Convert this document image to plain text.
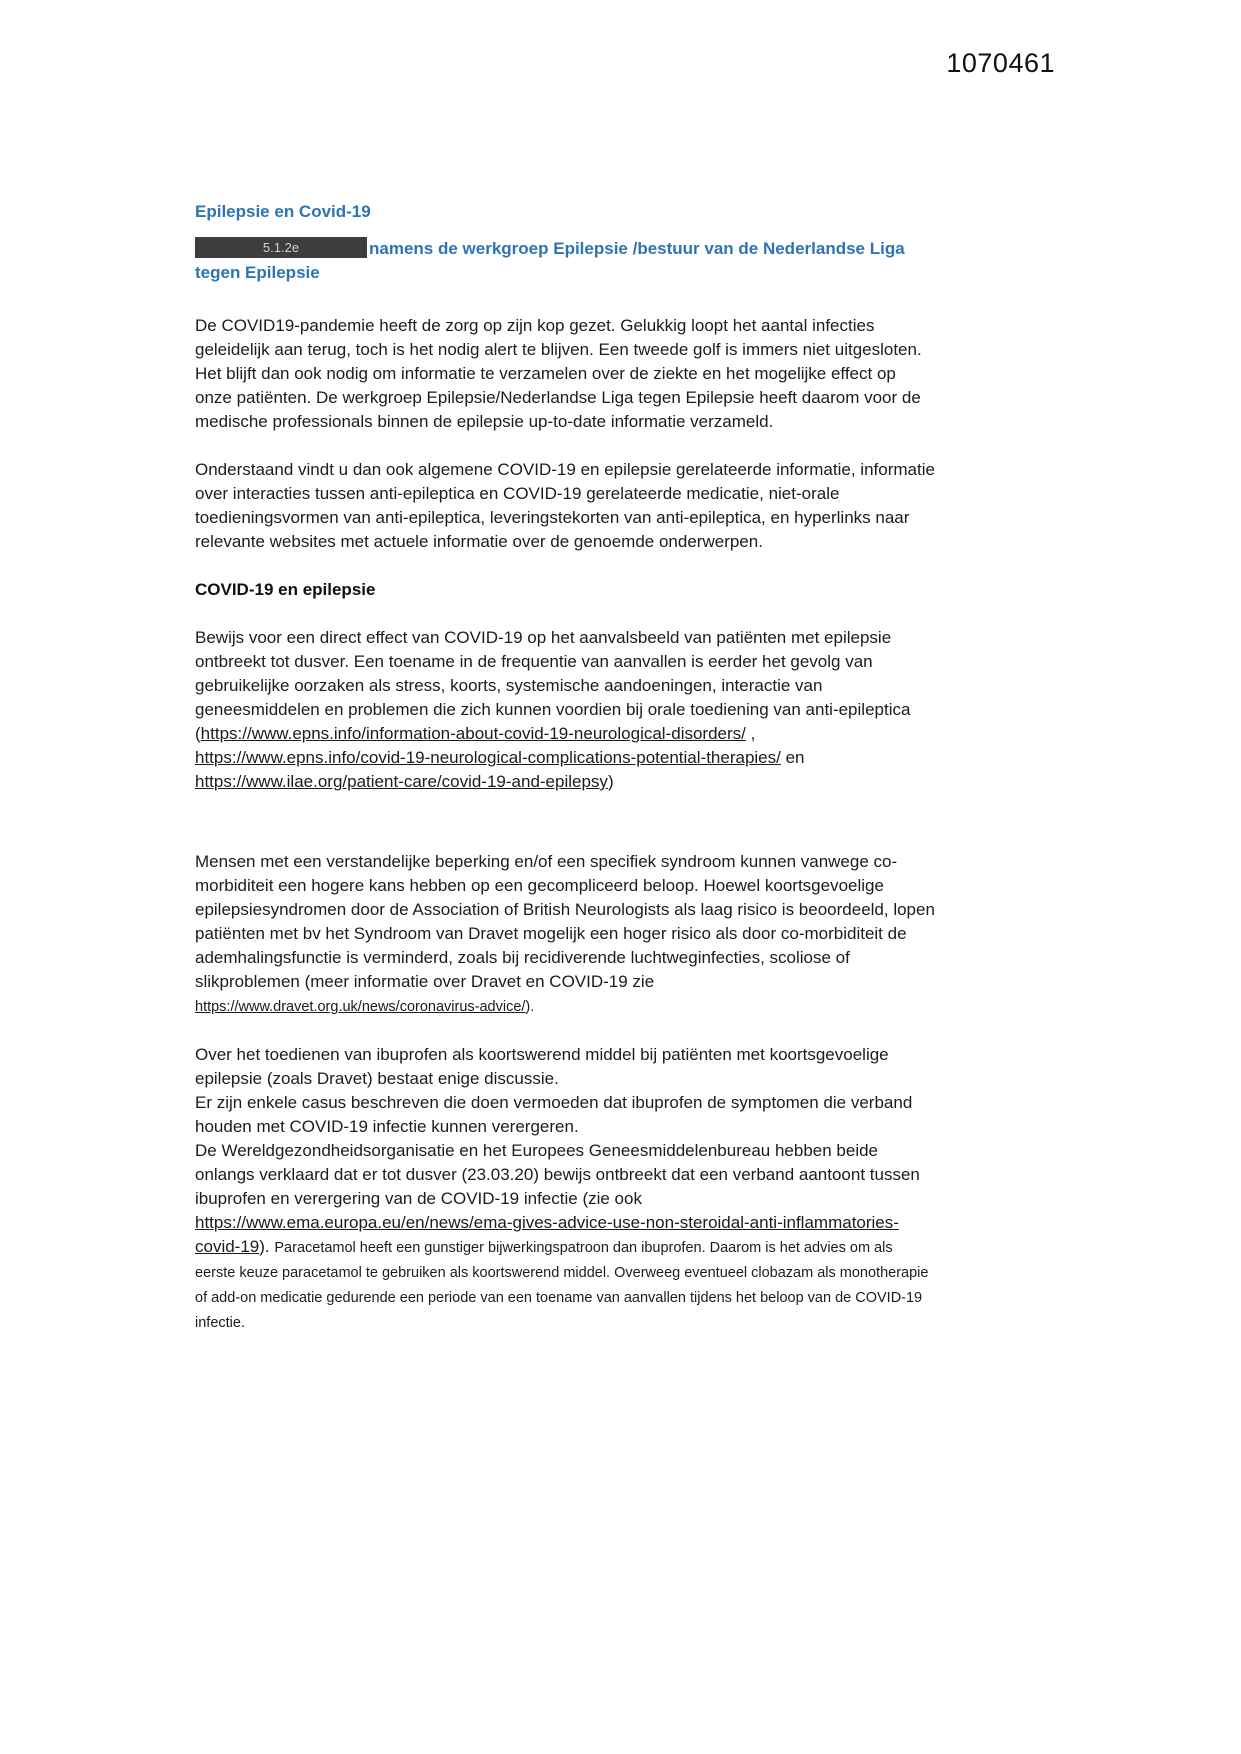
1070461

Epilepsie en Covid-19

5.1.2e	namens de werkgroep Epilepsie /bestuur van de Nederlandse Liga tegen Epilepsie

De COVID19-pandemie heeft de zorg op zijn kop gezet. Gelukkig loopt het aantal infecties geleidelijk aan terug, toch is het nodig alert te blijven. Een tweede golf is immers niet uitgesloten. Het blijft dan ook nodig om informatie te verzamelen over de ziekte en het mogelijke effect op onze patiënten. De werkgroep Epilepsie/Nederlandse Liga tegen Epilepsie heeft daarom voor de medische professionals binnen de epilepsie up-to-date informatie verzameld.

Onderstaand vindt u dan ook algemene COVID-19 en epilepsie gerelateerde informatie, informatie over interacties tussen anti-epileptica en COVID-19 gerelateerde medicatie, niet-orale toedieningsvormen van anti-epileptica, leveringstekorten van anti-epileptica, en hyperlinks naar relevante websites met actuele informatie over de genoemde onderwerpen.

COVID-19 en epilepsie

Bewijs voor een direct effect van COVID-19 op het aanvalsbeeld van patiënten met epilepsie ontbreekt tot dusver. Een toename in de frequentie van aanvallen is eerder het gevolg van gebruikelijke oorzaken als stress, koorts, systemische aandoeningen, interactie van geneesmiddelen en problemen die zich kunnen voordien bij orale toediening van anti-epileptica (https://www.epns.info/information-about-covid-19-neurological-disorders/ , https://www.epns.info/covid-19-neurological-complications-potential-therapies/ en https://www.ilae.org/patient-care/covid-19-and-epilepsy)

Mensen met een verstandelijke beperking en/of een specifiek syndroom kunnen vanwege co-morbiditeit een hogere kans hebben op een gecompliceerd beloop. Hoewel koortsgevoelige epilepsiesyndromen door de Association of British Neurologists als laag risico is beoordeeld, lopen patiënten met bv het Syndroom van Dravet mogelijk een hoger risico als door co-morbiditeit de ademhalingsfunctie is verminderd, zoals bij recidiverende luchtweginfecties, scoliose of slikproblemen (meer informatie over Dravet en COVID-19 zie https://www.dravet.org.uk/news/coronavirus-advice/).

Over het toedienen van ibuprofen als koortswerend middel bij patiënten met koortsgevoelige epilepsie (zoals Dravet) bestaat enige discussie.
Er zijn enkele casus beschreven die doen vermoeden dat ibuprofen de symptomen die verband houden met COVID-19 infectie kunnen verergeren.
De Wereldgezondheidsorganisatie en het Europees Geneesmiddelenbureau hebben beide onlangs verklaard dat er tot dusver (23.03.20) bewijs ontbreekt dat een verband aantoont tussen ibuprofen en verergering van de COVID-19 infectie (zie ook https://www.ema.europa.eu/en/news/ema-gives-advice-use-non-steroidal-anti-inflammatories-covid-19). Paracetamol heeft een gunstiger bijwerkingspatroon dan ibuprofen. Daarom is het advies om als eerste keuze paracetamol te gebruiken als koortswerend middel. Overweeg eventueel clobazam als monotherapie of add-on medicatie gedurende een periode van een toename van aanvallen tijdens het beloop van de COVID-19 infectie.
